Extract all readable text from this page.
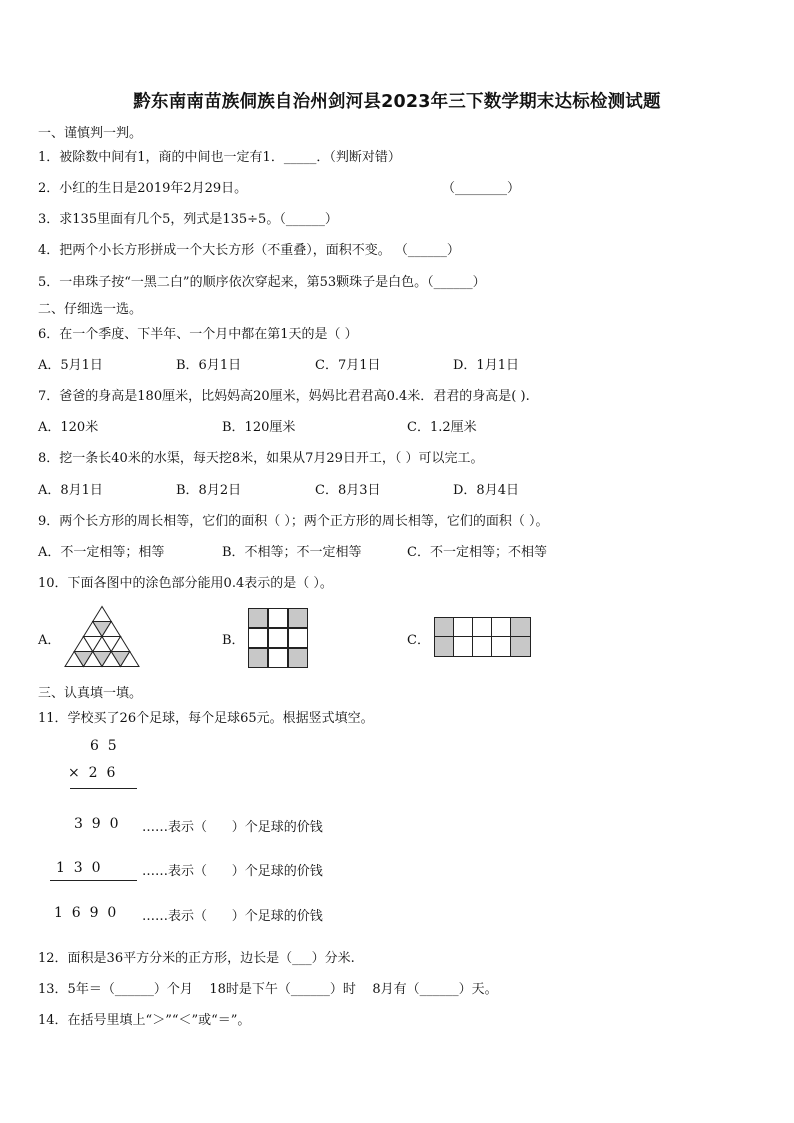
黔东南南苗族侗族自治州剑河县2023年三下数学期末达标检测试题
一、谨慎判一判。
1．被除数中间有1，商的中间也一定有1．_____．（判断对错）
2．小红的生日是2019年2月29日。	（________）
3．求135里面有几个5，列式是135÷5。（______）
4．把两个小长方形拼成一个大长方形（不重叠），面积不变。 （______）
5．一串珠子按“一黑二白”的顺序依次穿起来，第53颗珠子是白色。（______）
二、仔细选一选。
6．在一个季度、下半年、一个月中都在第1天的是（ ）
A．5月1日	B．6月1日	C．7月1日	D．1月1日
7．爸爸的身高是180厘米，比妈妈高20厘米，妈妈比君君高0.4米．君君的身高是( ).
A．120米	B．120厘米	C．1.2厘米
8．挖一条长40米的水渠，每天挖8米，如果从7月29日开工，（ ）可以完工。
A．8月1日	B．8月2日	C．8月3日	D．8月4日
9．两个长方形的周长相等，它们的面积（ ）；两个正方形的周长相等，它们的面积（ ）。
A．不一定相等；相等	B．不相等；不一定相等	C．不一定相等；不相等
10．下面各图中的涂色部分能用0.4表示的是（ ）。
A．	B．	C．
三、认真填一填。
11．学校买了26个足球，每个足球65元。根据竖式填空。
6  5
×  2  6
3  9  0 ……表示（      ）个足球的价钱
1  3  0	……表示（      ）个足球的价钱
1  6  9  0 ……表示（      ）个足球的价钱
12．面积是36平方分米的正方形，边长是（___）分米.
13．5年＝（______）个月    18时是下午（______）时    8月有（______）天。
14．在括号里填上“＞”“＜”或“＝”。
